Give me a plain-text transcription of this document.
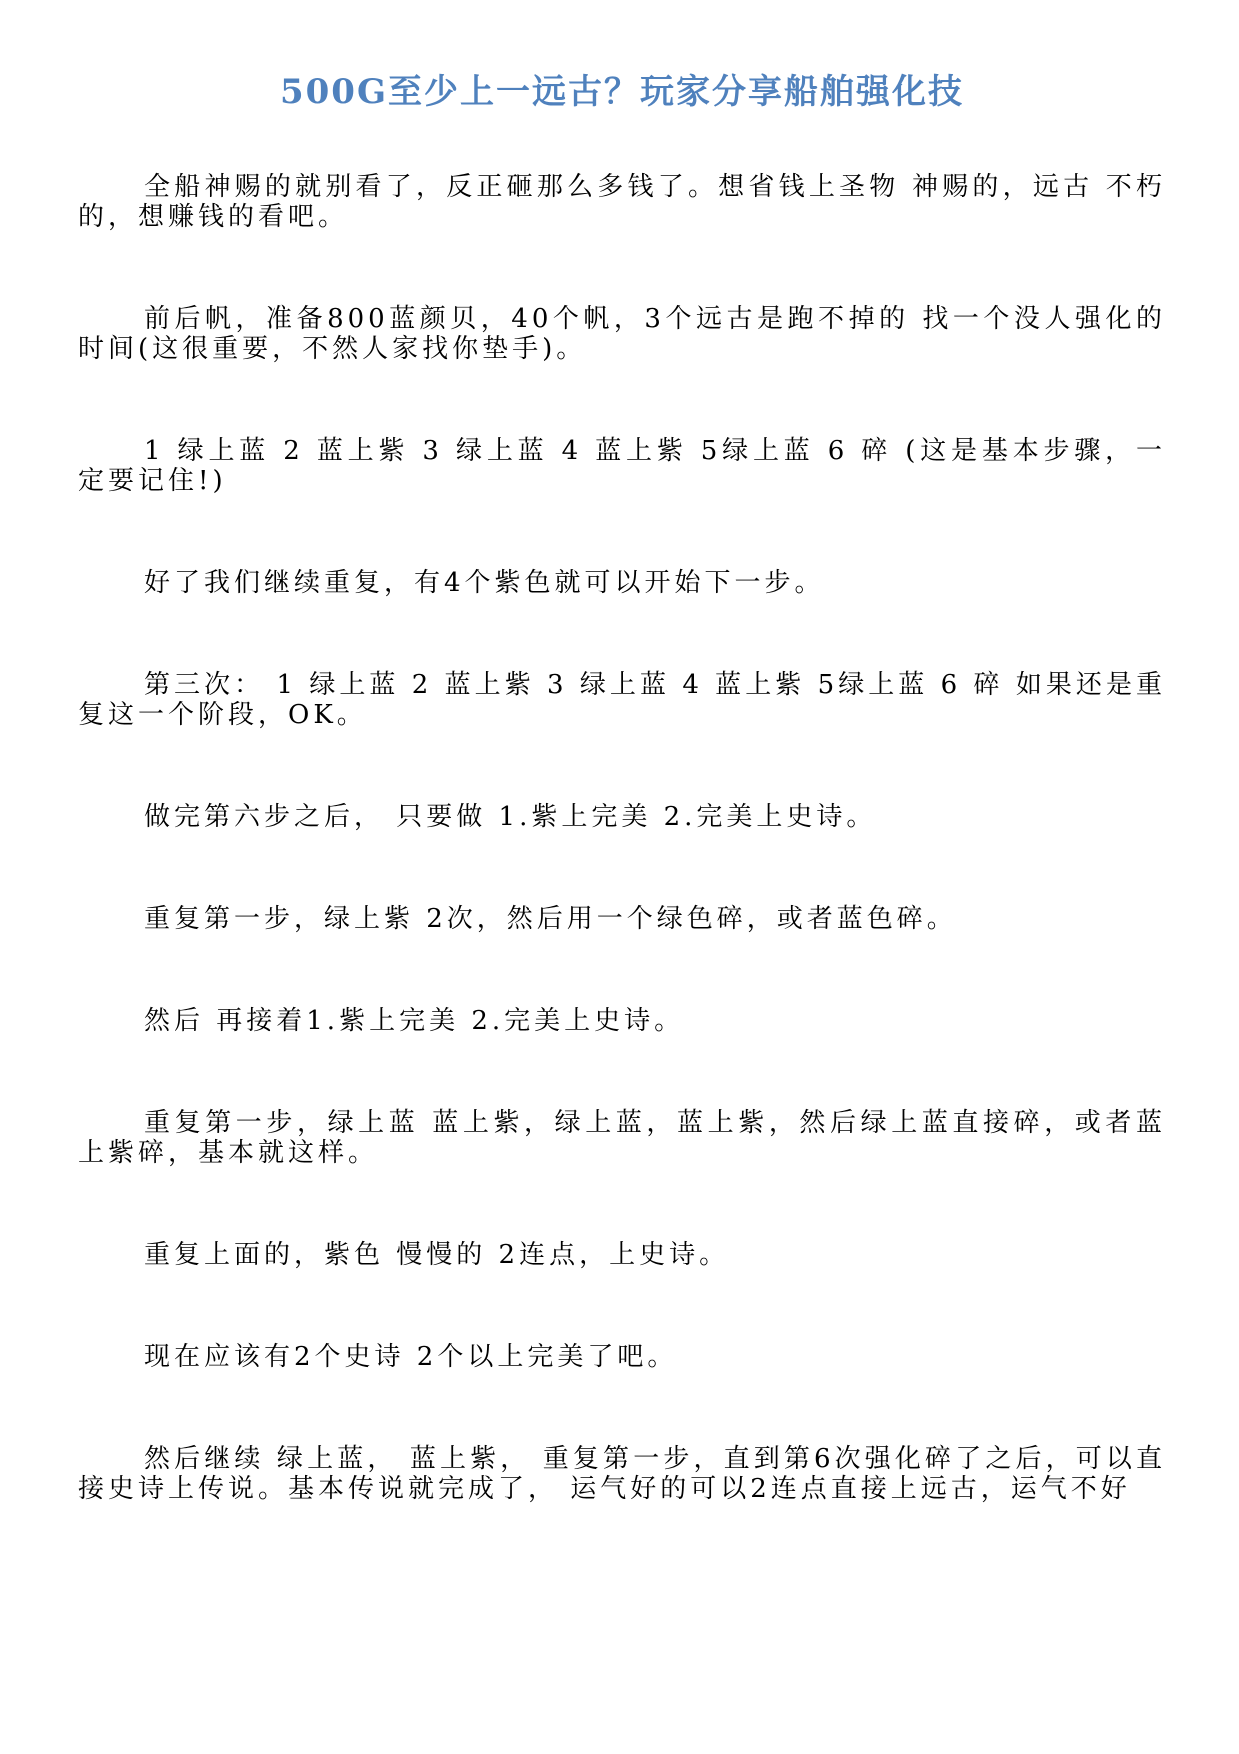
500G至少上一远古？玩家分享船舶强化技

全船神赐的就别看了，反正砸那么多钱了。想省钱上圣物 神赐的，远古 不朽的，想赚钱的看吧。

前后帆，准备800蓝颜贝，40个帆，3个远古是跑不掉的 找一个没人强化的时间(这很重要，不然人家找你垫手)。

1 绿上蓝 2 蓝上紫 3 绿上蓝 4 蓝上紫 5绿上蓝 6 碎 (这是基本步骤，一定要记住!)

好了我们继续重复，有4个紫色就可以开始下一步。

第三次： 1 绿上蓝 2 蓝上紫 3 绿上蓝 4 蓝上紫 5绿上蓝 6 碎 如果还是重复这一个阶段，OK。

做完第六步之后， 只要做 1.紫上完美 2.完美上史诗。

重复第一步，绿上紫 2次，然后用一个绿色碎，或者蓝色碎。

然后 再接着1.紫上完美 2.完美上史诗。

重复第一步，绿上蓝 蓝上紫，绿上蓝，蓝上紫，然后绿上蓝直接碎，或者蓝上紫碎，基本就这样。

重复上面的，紫色 慢慢的 2连点，上史诗。

现在应该有2个史诗 2个以上完美了吧。

然后继续 绿上蓝， 蓝上紫， 重复第一步，直到第6次强化碎了之后，可以直接史诗上传说。基本传说就完成了， 运气好的可以2连点直接上远古，运气不好
